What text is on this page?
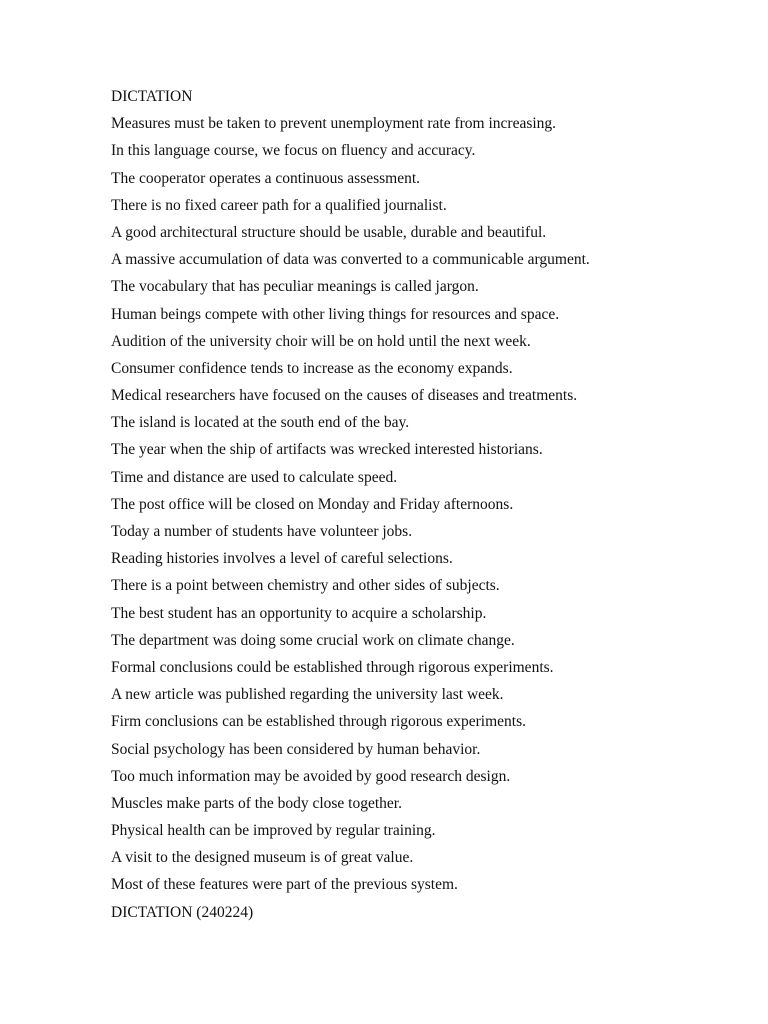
DICTATION
Measures must be taken to prevent unemployment rate from increasing.
In this language course, we focus on fluency and accuracy.
The cooperator operates a continuous assessment.
There is no fixed career path for a qualified journalist.
A good architectural structure should be usable, durable and beautiful.
A massive accumulation of data was converted to a communicable argument.
The vocabulary that has peculiar meanings is called jargon.
Human beings compete with other living things for resources and space.
Audition of the university choir will be on hold until the next week.
Consumer confidence tends to increase as the economy expands.
Medical researchers have focused on the causes of diseases and treatments.
The island is located at the south end of the bay.
The year when the ship of artifacts was wrecked interested historians.
Time and distance are used to calculate speed.
The post office will be closed on Monday and Friday afternoons.
Today a number of students have volunteer jobs.
Reading histories involves a level of careful selections.
There is a point between chemistry and other sides of subjects.
The best student has an opportunity to acquire a scholarship.
The department was doing some crucial work on climate change.
Formal conclusions could be established through rigorous experiments.
A new article was published regarding the university last week.
Firm conclusions can be established through rigorous experiments.
Social psychology has been considered by human behavior.
Too much information may be avoided by good research design.
Muscles make parts of the body close together.
Physical health can be improved by regular training.
A visit to the designed museum is of great value.
Most of these features were part of the previous system.
DICTATION (240224)
